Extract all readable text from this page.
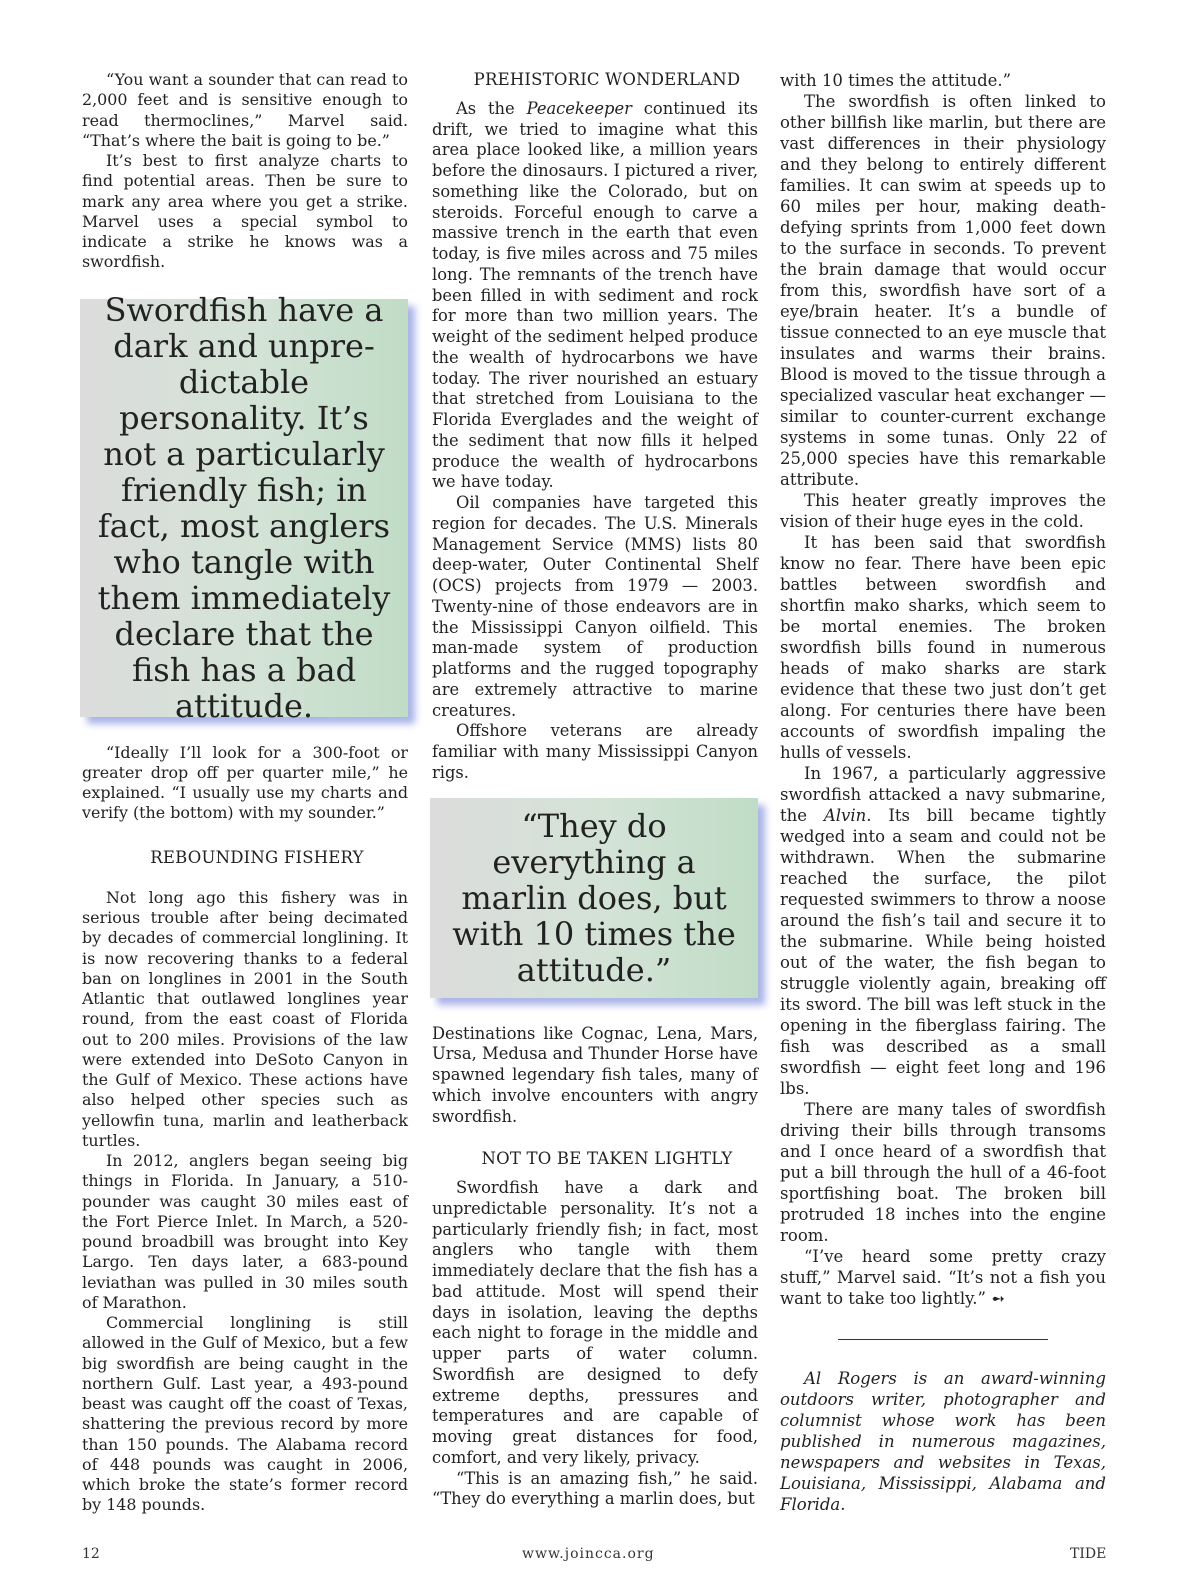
“You want a sounder that can read to 2,000 feet and is sensitive enough to read thermoclines,” Marvel said. “That’s where the bait is going to be.”

It’s best to first analyze charts to find potential areas. Then be sure to mark any area where you get a strike. Marvel uses a special symbol to indicate a strike he knows was a swordfish.

Swordfish have a dark and unpre- dictable personality. It’s not a particularly friendly fish; in fact, most anglers who tangle with them immediately declare that the fish has a bad attitude.

“Ideally I’ll look for a 300-foot or greater drop off per quarter mile,” he explained. “I usually use my charts and verify (the bottom) with my sounder.”

REBOUNDING FISHERY

Not long ago this fishery was in serious trouble after being decimated by decades of commercial longlining. It is now recovering thanks to a federal ban on longlines in 2001 in the South Atlantic that outlawed longlines year round, from the east coast of Florida out to 200 miles. Provisions of the law were extended into DeSoto Canyon in the Gulf of Mexico. These actions have also helped other species such as yellowfin tuna, marlin and leatherback turtles.

In 2012, anglers began seeing big things in Florida. In January, a 510-pounder was caught 30 miles east of the Fort Pierce Inlet. In March, a 520-pound broadbill was brought into Key Largo. Ten days later, a 683-pound leviathan was pulled in 30 miles south of Marathon.

Commercial longlining is still allowed in the Gulf of Mexico, but a few big swordfish are being caught in the northern Gulf. Last year, a 493-pound beast was caught off the coast of Texas, shattering the previous record by more than 150 pounds. The Alabama record of 448 pounds was caught in 2006, which broke the state’s former record by 148 pounds.

PREHISTORIC WONDERLAND

As the Peacekeeper continued its drift, we tried to imagine what this area place looked like, a million years before the dinosaurs. I pictured a river, something like the Colorado, but on steroids. Forceful enough to carve a massive trench in the earth that even today, is five miles across and 75 miles long. The remnants of the trench have been filled in with sediment and rock for more than two million years. The weight of the sediment helped produce the wealth of hydrocarbons we have today. The river nourished an estuary that stretched from Louisiana to the Florida Everglades and the weight of the sediment that now fills it helped produce the wealth of hydrocarbons we have today.

Oil companies have targeted this region for decades. The U.S. Minerals Management Service (MMS) lists 80 deep-water, Outer Continental Shelf (OCS) projects from 1979 — 2003. Twenty-nine of those endeavors are in the Mississippi Canyon oilfield. This man-made system of production platforms and the rugged topography are extremely attractive to marine creatures.

Offshore veterans are already familiar with many Mississippi Canyon rigs.

“They do everything a marlin does, but with 10 times the attitude.”

Destinations like Cognac, Lena, Mars, Ursa, Medusa and Thunder Horse have spawned legendary fish tales, many of which involve encounters with angry swordfish.

NOT TO BE TAKEN LIGHTLY

Swordfish have a dark and unpredictable personality. It’s not a particularly friendly fish; in fact, most anglers who tangle with them immediately declare that the fish has a bad attitude. Most will spend their days in isolation, leaving the depths each night to forage in the middle and upper parts of water column. Swordfish are designed to defy extreme depths, pressures and temperatures and are capable of moving great distances for food, comfort, and very likely, privacy.

“This is an amazing fish,” he said. “They do everything a marlin does, but

with 10 times the attitude.”

The swordfish is often linked to other billfish like marlin, but there are vast differences in their physiology and they belong to entirely different families. It can swim at speeds up to 60 miles per hour, making death-defying sprints from 1,000 feet down to the surface in seconds. To prevent the brain damage that would occur from this, swordfish have sort of a eye/brain heater. It’s a bundle of tissue connected to an eye muscle that insulates and warms their brains. Blood is moved to the tissue through a specialized vascular heat exchanger — similar to counter-current exchange systems in some tunas. Only 22 of 25,000 species have this remarkable attribute.

This heater greatly improves the vision of their huge eyes in the cold.

It has been said that swordfish know no fear. There have been epic battles between swordfish and shortfin mako sharks, which seem to be mortal enemies. The broken swordfish bills found in numerous heads of mako sharks are stark evidence that these two just don’t get along. For centuries there have been accounts of swordfish impaling the hulls of vessels.

In 1967, a particularly aggressive swordfish attacked a navy submarine, the Alvin. Its bill became tightly wedged into a seam and could not be withdrawn. When the submarine reached the surface, the pilot requested swimmers to throw a noose around the fish’s tail and secure it to the submarine. While being hoisted out of the water, the fish began to struggle violently again, breaking off its sword. The bill was left stuck in the opening in the fiberglass fairing. The fish was described as a small swordfish — eight feet long and 196 lbs.

There are many tales of swordfish driving their bills through transoms and I once heard of a swordfish that put a bill through the hull of a 46-foot sportfishing boat. The broken bill protruded 18 inches into the engine room.

“I’ve heard some pretty crazy stuff,” Marvel said. “It’s not a fish you want to take too lightly.” ➻

Al Rogers is an award-winning outdoors writer, photographer and columnist whose work has been published in numerous magazines, newspapers and websites in Texas, Louisiana, Mississippi, Alabama and Florida.

12	www.joincca.org	TIDE
